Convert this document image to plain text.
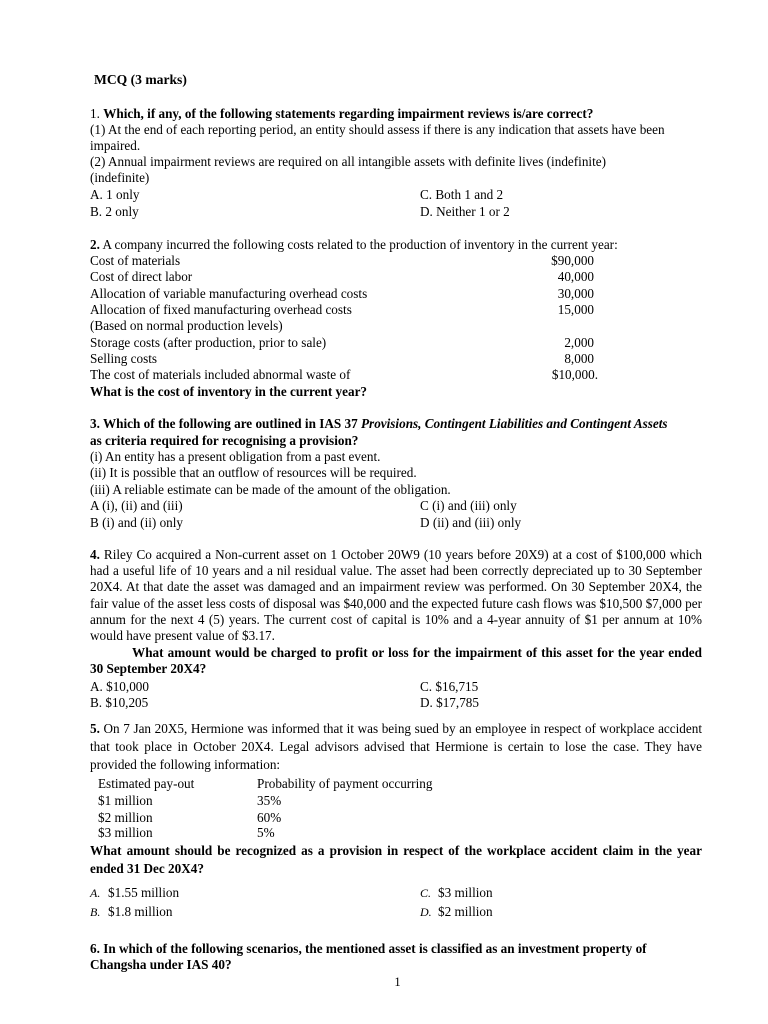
MCQ (3 marks)
1. Which, if any, of the following statements regarding impairment reviews is/are correct?
(1) At the end of each reporting period, an entity should assess if there is any indication that assets have been
impaired.
(2) Annual impairment reviews are required on all intangible assets with definite lives (indefinite)
(indefinite)
A. 1 only
B. 2 only
C. Both 1 and 2
D. Neither 1 or 2
2. A company incurred the following costs related to the production of inventory in the current year:
Cost of materials	$90,000
Cost of direct labor	40,000
Allocation of variable manufacturing overhead costs	30,000
Allocation of fixed manufacturing overhead costs	15,000
(Based on normal production levels)
Storage costs (after production, prior to sale)	2,000
Selling costs	8,000
The cost of materials included abnormal waste of	$10,000.
What is the cost of inventory in the current year?
3. Which of the following are outlined in IAS 37 Provisions, Contingent Liabilities and Contingent Assets
as criteria required for recognising a provision?
(i) An entity has a present obligation from a past event.
(ii) It is possible that an outflow of resources will be required.
(iii) A reliable estimate can be made of the amount of the obligation.
A (i), (ii) and (iii)
B (i) and (ii) only
C (i) and (iii) only
D (ii) and (iii) only
4. Riley Co acquired a Non-current asset on 1 October 20W9 (10 years before 20X9) at a cost of $100,000 which had a useful life of 10 years and a nil residual value. The asset had been correctly depreciated up to 30 September 20X4. At that date the asset was damaged and an impairment review was performed. On 30 September 20X4, the fair value of the asset less costs of disposal was $40,000 and the expected future cash flows was $10,500 $7,000 per annum for the next 4 (5) years. The current cost of capital is 10% and a 4-year annuity of $1 per annum at 10% would have present value of $3.17.
What amount would be charged to profit or loss for the impairment of this asset for the year ended 30 September 20X4?
A. $10,000
B. $10,205
C. $16,715
D. $17,785
5. On 7 Jan 20X5, Hermione was informed that it was being sued by an employee in respect of workplace accident that took place in October 20X4. Legal advisors advised that Hermione is certain to lose the case. They have provided the following information:
Estimated pay-out	Probability of payment occurring
$1 million	35%
$2 million	60%
$3 million	5%
What amount should be recognized as a provision in respect of the workplace accident claim in the year ended 31 Dec 20X4?
A. $1.55 million
B. $1.8 million
C. $3 million
D. $2 million
6. In which of the following scenarios, the mentioned asset is classified as an investment property of
Changsha under IAS 40?
1
